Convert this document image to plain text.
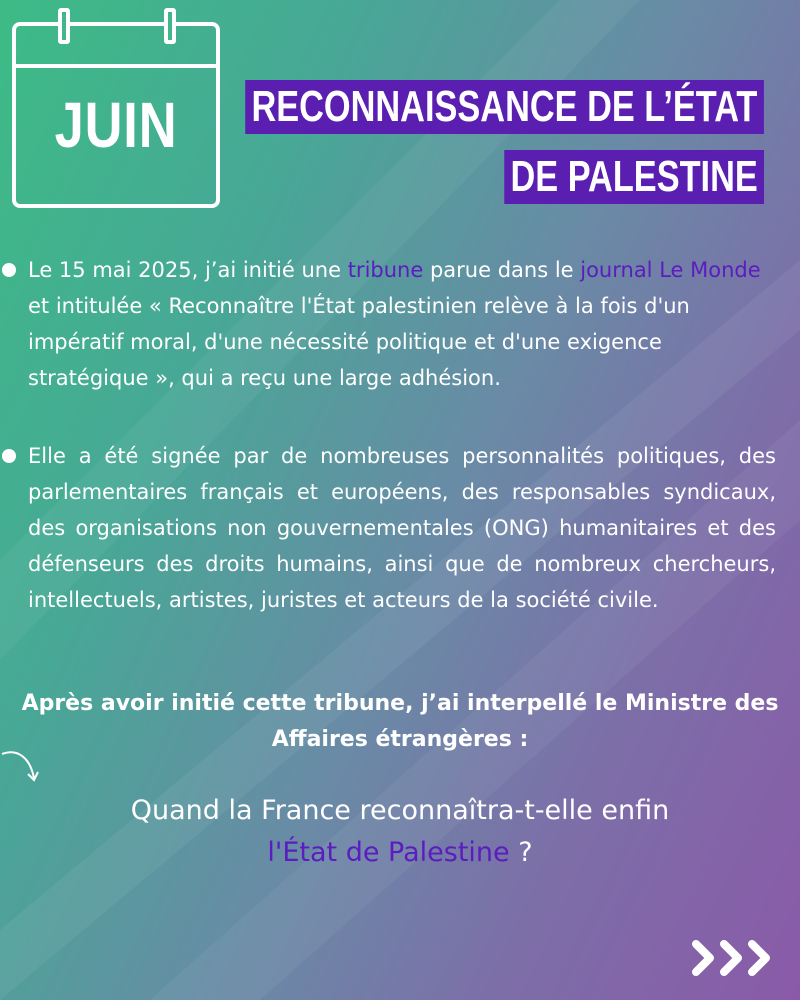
JUIN	RECONNAISSANCE DE L’ÉTAT
DE PALESTINE
Le 15 mai 2025, j’ai initié une tribune parue dans le journal Le Monde et intitulée « Reconnaître l'État palestinien relève à la fois d'un impératif moral, d'une nécessité politique et d'une exigence stratégique », qui a reçu une large adhésion.
Elle a été signée par de nombreuses personnalités politiques, des parlementaires français et européens, des responsables syndicaux, des organisations non gouvernementales (ONG) humanitaires et des défenseurs des droits humains, ainsi que de nombreux chercheurs, intellectuels, artistes, juristes et acteurs de la société civile.
Après avoir initié cette tribune, j’ai interpellé le Ministre des Affaires étrangères :
Quand la France reconnaîtra-t-elle enfin
l'État de Palestine ?
